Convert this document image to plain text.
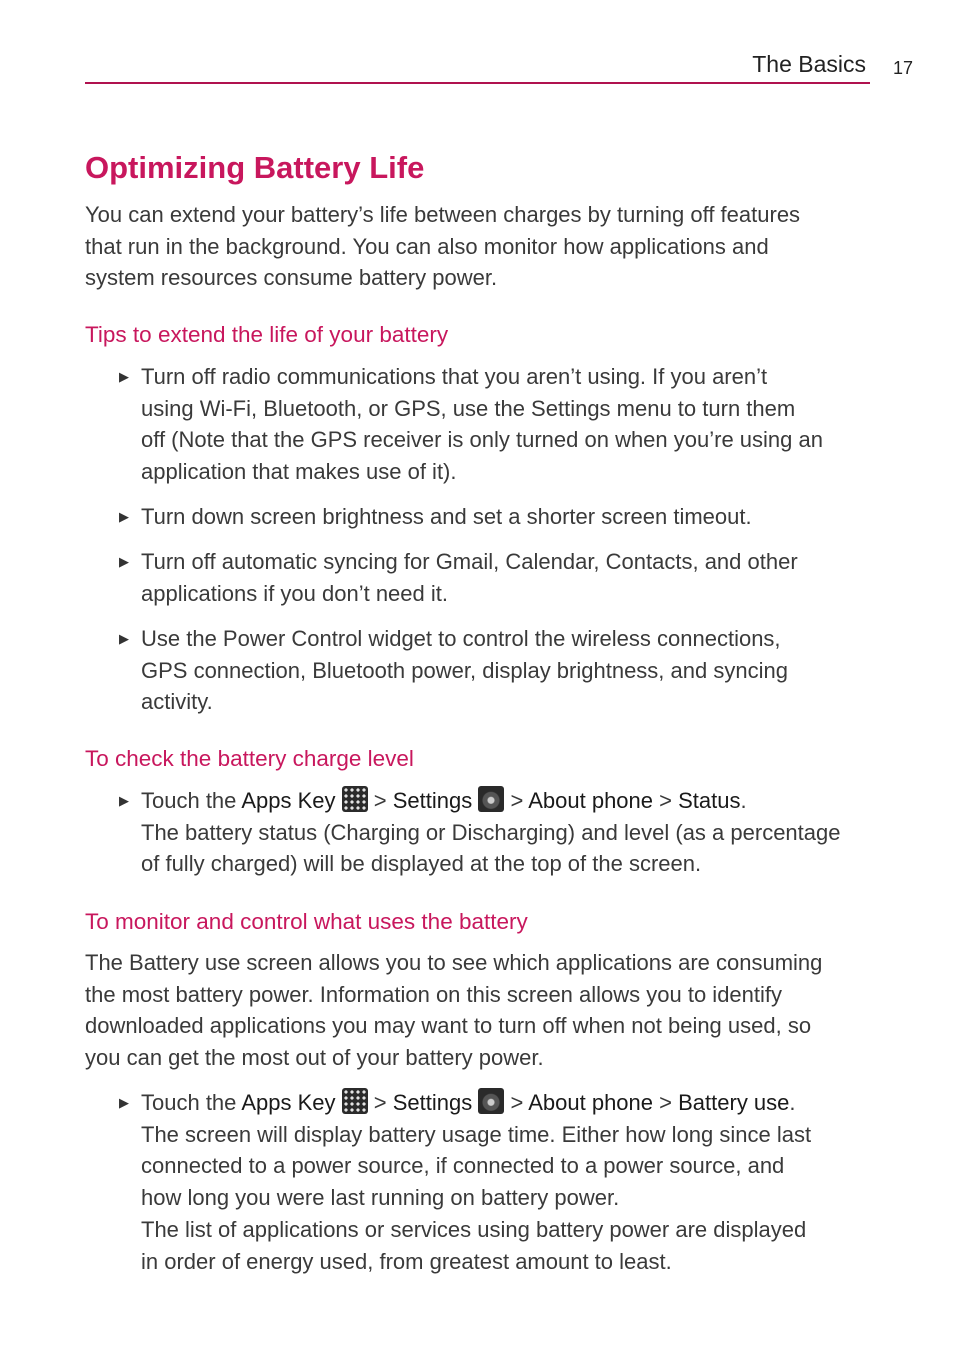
The Basics 17
Optimizing Battery Life

You can extend your battery’s life between charges by turning off features
that run in the background. You can also monitor how applications and
system resources consume battery power.

Tips to extend the life of your battery
▶ Turn off radio communications that you aren’t using. If you aren’t
using Wi-Fi, Bluetooth, or GPS, use the Settings menu to turn them
off (Note that the GPS receiver is only turned on when you’re using an
application that makes use of it).
▶ Turn down screen brightness and set a shorter screen timeout.
▶ Turn off automatic syncing for Gmail, Calendar, Contacts, and other
applications if you don’t need it.
▶ Use the Power Control widget to control the wireless connections,
GPS connection, Bluetooth power, display brightness, and syncing
activity.
To check the battery charge level
▶ Touch the Apps Key > Settings > About phone > Status.
The battery status (Charging or Discharging) and level (as a percentage
of fully charged) will be displayed at the top of the screen.
To monitor and control what uses the battery

The Battery use screen allows you to see which applications are consuming
the most battery power. Information on this screen allows you to identify
downloaded applications you may want to turn off when not being used, so
you can get the most out of your battery power.

▶ Touch the Apps Key > Settings > About phone > Battery use.
The screen will display battery usage time. Either how long since last
connected to a power source, if connected to a power source, and
how long you were last running on battery power.
The list of applications or services using battery power are displayed
in order of energy used, from greatest amount to least.
